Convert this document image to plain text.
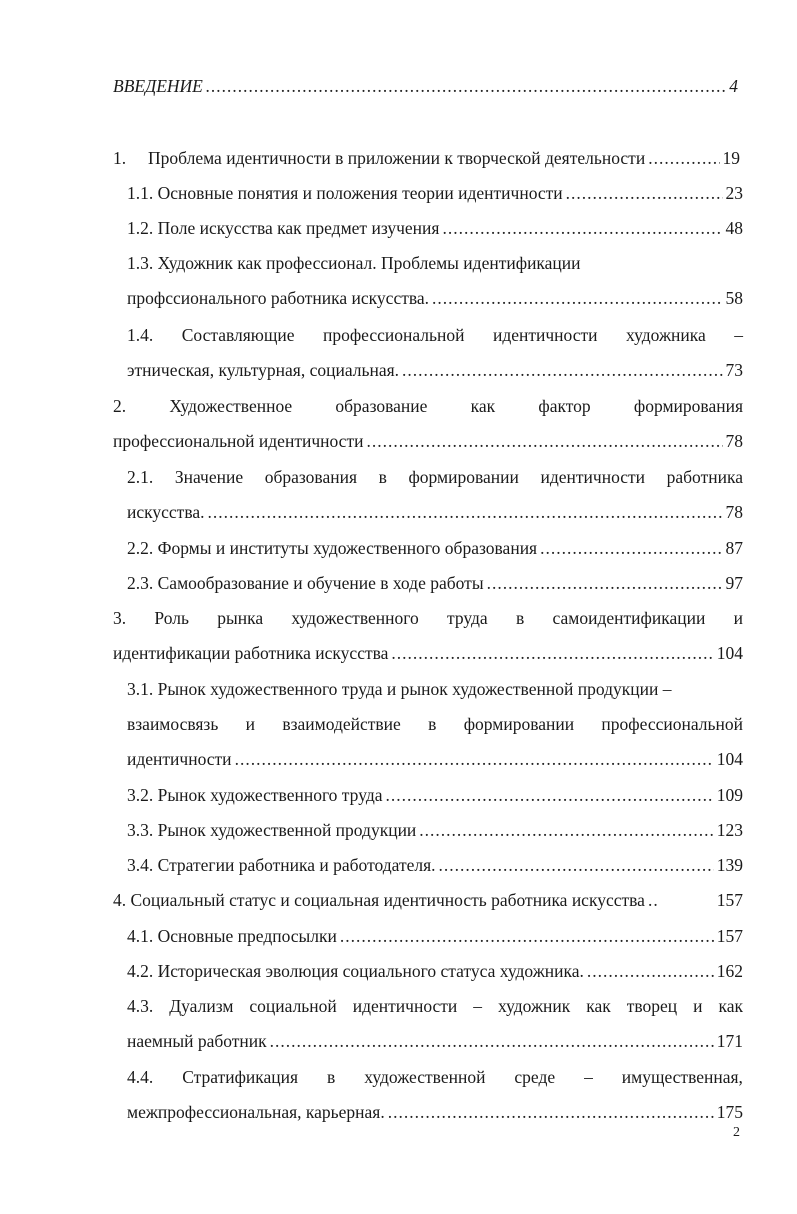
ВВЕДЕНИЕ .....	4
1.	Проблема идентичности в приложении к творческой деятельности .....	19
1.1. Основные понятия и положения теории идентичности .....	23
1.2. Поле искусства как предмет изучения .....	48
1.3. Художник как профессионал. Проблемы идентификации
профссионального работника искусства. .....	58
1.4. Составляющие профессиональной идентичности художника –
этническая, культурная, социальная. .....	73
2. Художественное образование как фактор формирования
профессиональной идентичности .....	78
2.1. Значение образования в формировании идентичности работника
искусства. .....	78
2.2. Формы и институты художественного образования .....	87
2.3. Самообразование и обучение в ходе работы .....	97
3. Роль рынка художественного труда в самоидентификации и
идентификации работника искусства .....	104
3.1. Рынок художественного труда и рынок художественной продукции –
взаимосвязь и взаимодействие в формировании профессиональной
идентичности .....	104
3.2. Рынок художественного труда .....	109
3.3. Рынок художественной продукции .....	123
3.4. Стратегии работника и работодателя. .....	139
4. Социальный статус и социальная идентичность работника искусства .....	157
4.1. Основные предпосылки .....	157
4.2. Историческая эволюция социального статуса художника. .....	162
4.3. Дуализм социальной идентичности – художник как творец и как
наемный работник .....	171
4.4. Стратификация в художественной среде – имущественная,
межпрофессиональная, карьерная. .....	175
2
